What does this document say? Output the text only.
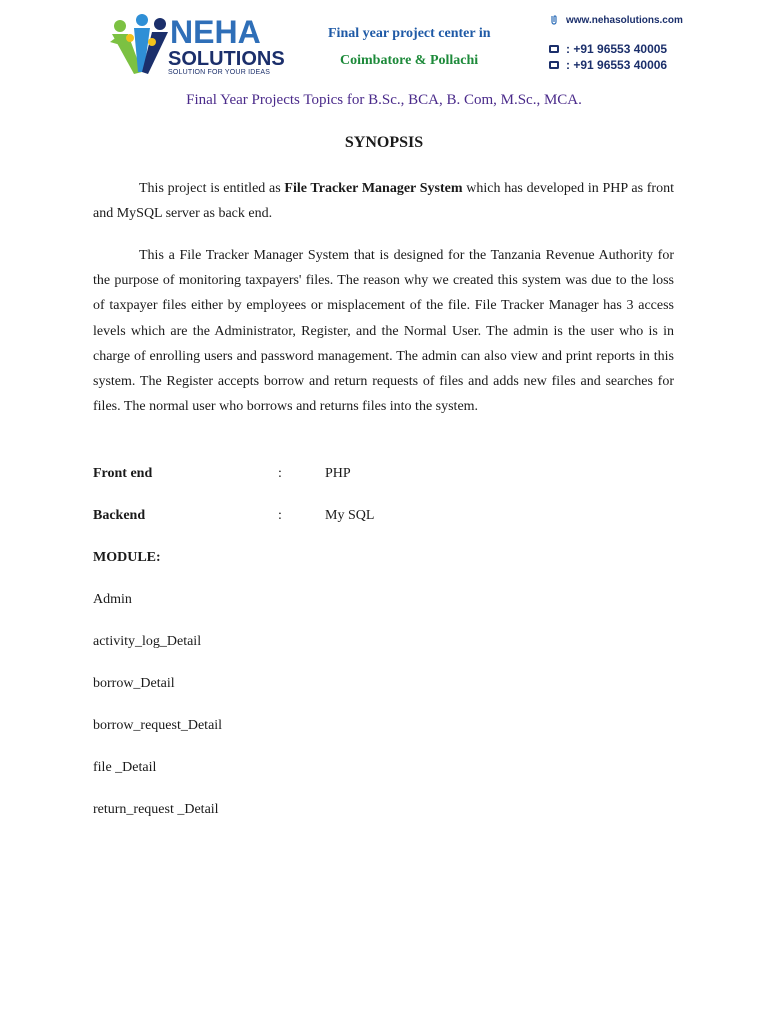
NEHA
SOLUTIONS
SOLUTION FOR YOUR IDEAS
Final year project center in
Coimbatore & Pollachi
www.nehasolutions.com
: +91 96553 40005
: +91 96553 40006
Final Year Projects Topics for B.Sc., BCA, B. Com, M.Sc., MCA.
SYNOPSIS

This project is entitled as File Tracker Manager System which has developed in PHP as front and MySQL server as back end.

This a File Tracker Manager System that is designed for the Tanzania Revenue Authority for the purpose of monitoring taxpayers' files. The reason why we created this system was due to the loss of taxpayer files either by employees or misplacement of the file. File Tracker Manager has 3 access levels which are the Administrator, Register, and the Normal User. The admin is the user who is in charge of enrolling users and password management. The admin can also view and print reports in this system. The Register accepts borrow and return requests of files and adds new files and searches for files. The normal user who borrows and returns files into the system.

Front end	:	PHP
Backend	:	My SQL
MODULE:
Admin
activity_log_Detail
borrow_Detail
borrow_request_Detail
file _Detail
return_request _Detail
